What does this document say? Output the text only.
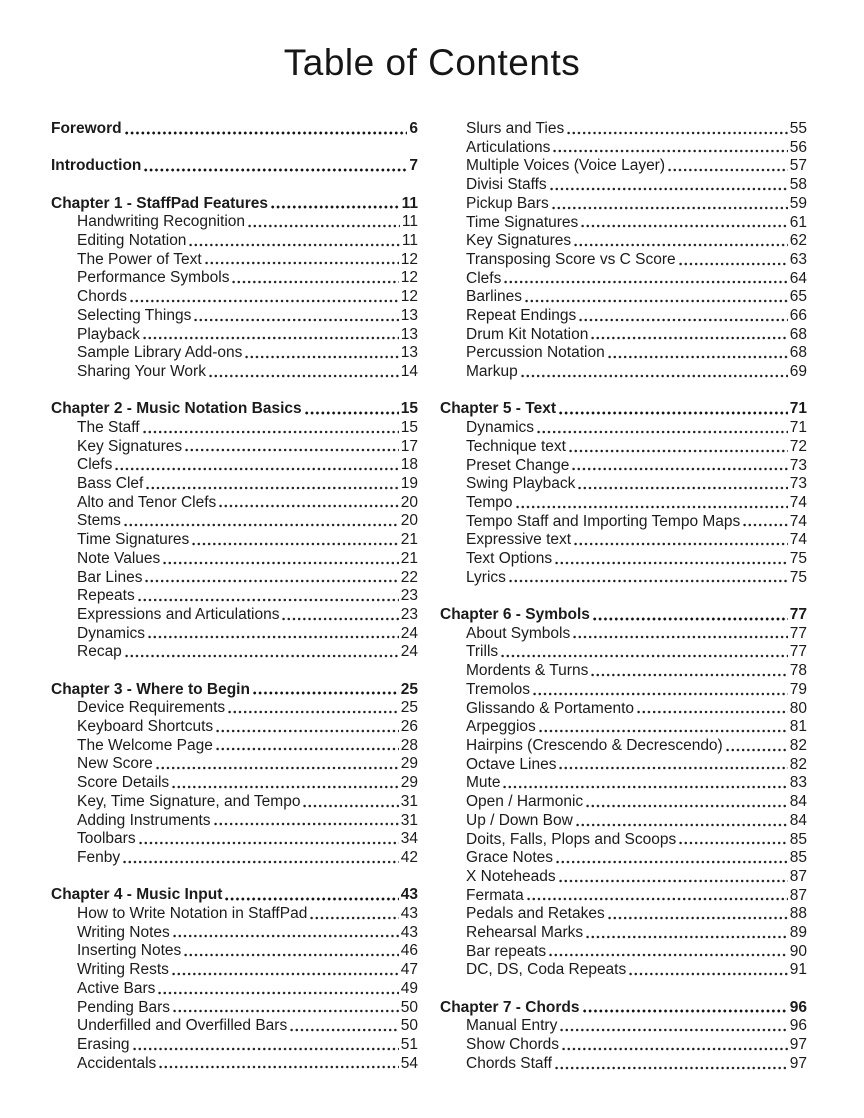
Table of Contents
Foreword	6
Introduction	7
Chapter 1 - StaffPad Features	11
Handwriting Recognition	11
Editing Notation	11
The Power of Text	12
Performance Symbols	12
Chords	12
Selecting Things	13
Playback	13
Sample Library Add-ons	13
Sharing Your Work	14
Chapter 2 - Music Notation Basics	15
The Staff	15
Key Signatures	17
Clefs	18
Bass Clef	19
Alto and Tenor Clefs	20
Stems	20
Time Signatures	21
Note Values	21
Bar Lines	22
Repeats	23
Expressions and Articulations	23
Dynamics	24
Recap	24
Chapter 3 - Where to Begin	25
Device Requirements	25
Keyboard Shortcuts	26
The Welcome Page	28
New Score	29
Score Details	29
Key, Time Signature, and Tempo	31
Adding Instruments	31
Toolbars	34
Fenby	42
Chapter 4 - Music Input	43
How to Write Notation in StaffPad	43
Writing Notes	43
Inserting Notes	46
Writing Rests	47
Active Bars	49
Pending Bars	50
Underfilled and Overfilled Bars	50
Erasing	51
Accidentals	54
Slurs and Ties	55
Articulations	56
Multiple Voices (Voice Layer)	57
Divisi Staffs	58
Pickup Bars	59
Time Signatures	61
Key Signatures	62
Transposing Score vs C Score	63
Clefs	64
Barlines	65
Repeat Endings	66
Drum Kit Notation	68
Percussion Notation	68
Markup	69
Chapter 5 - Text	71
Dynamics	71
Technique text	72
Preset Change	73
Swing Playback	73
Tempo	74
Tempo Staff and Importing Tempo Maps	74
Expressive text	74
Text Options	75
Lyrics	75
Chapter 6 - Symbols	77
About Symbols	77
Trills	77
Mordents & Turns	78
Tremolos	79
Glissando & Portamento	80
Arpeggios	81
Hairpins (Crescendo & Decrescendo)	82
Octave Lines	82
Mute	83
Open / Harmonic	84
Up / Down Bow	84
Doits, Falls, Plops and Scoops	85
Grace Notes	85
X Noteheads	87
Fermata	87
Pedals and Retakes	88
Rehearsal Marks	89
Bar repeats	90
DC, DS, Coda Repeats	91
Chapter 7 - Chords	96
Manual Entry	96
Show Chords	97
Chords Staff	97
